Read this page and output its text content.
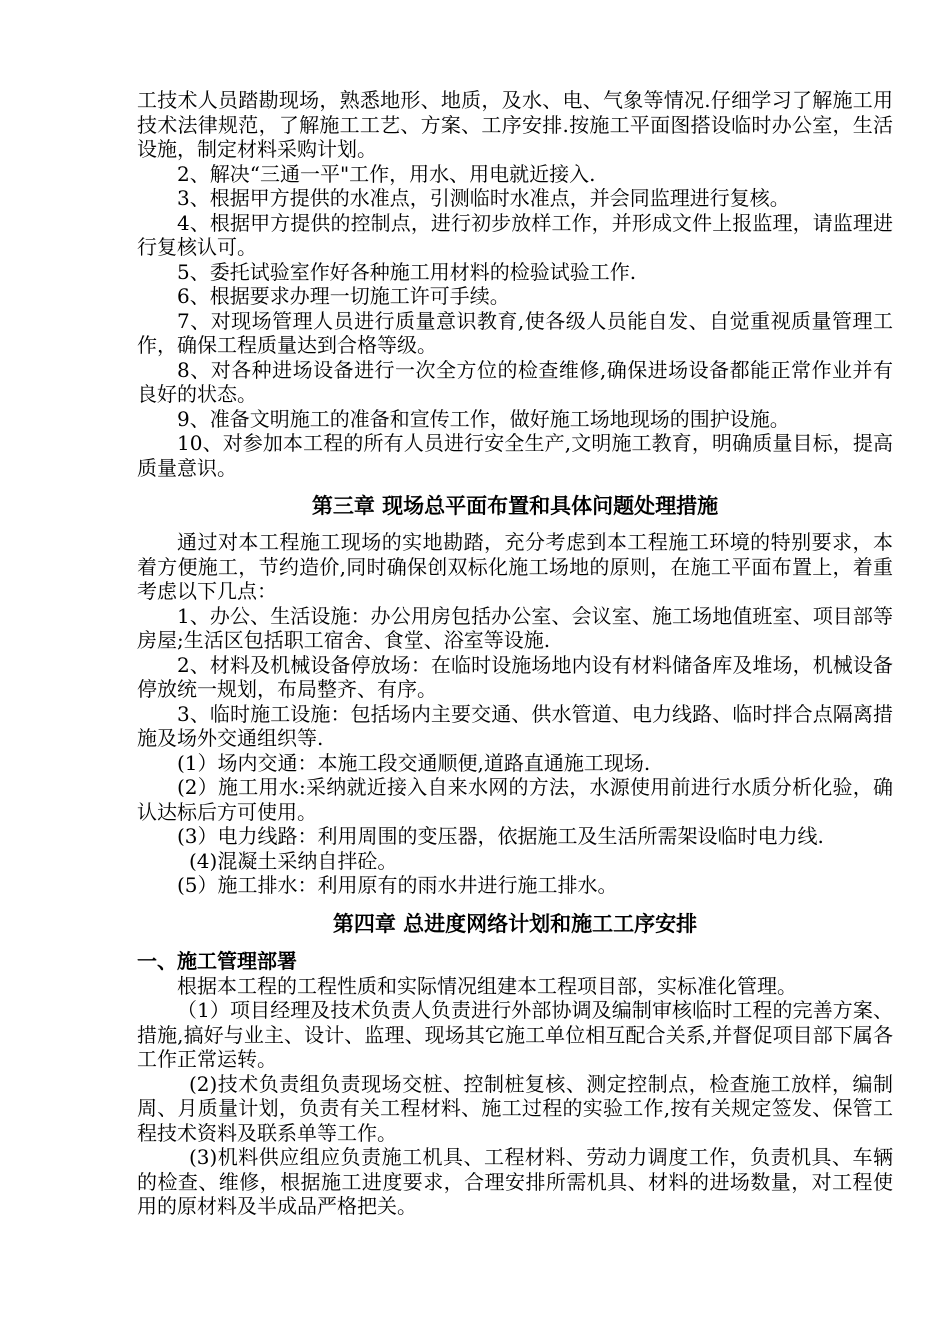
工技术人员踏勘现场，熟悉地形、地质，及水、电、气象等情况.仔细学习了解施工用技术法律规范，了解施工工艺、方案、工序安排.按施工平面图搭设临时办公室，生活设施，制定材料采购计划。

2、解决“三通一平"工作，用水、用电就近接入.

3、根据甲方提供的水准点，引测临时水准点，并会同监理进行复核。

4、根据甲方提供的控制点，进行初步放样工作，并形成文件上报监理，请监理进行复核认可。

5、委托试验室作好各种施工用材料的检验试验工作.

6、根据要求办理一切施工许可手续。

7、对现场管理人员进行质量意识教育,使各级人员能自发、自觉重视质量管理工作，确保工程质量达到合格等级。

8、对各种进场设备进行一次全方位的检查维修,确保进场设备都能正常作业并有良好的状态。

9、准备文明施工的准备和宣传工作，做好施工场地现场的围护设施。

10、对参加本工程的所有人员进行安全生产,文明施工教育，明确质量目标，提高质量意识。

第三章 现场总平面布置和具体问题处理措施

通过对本工程施工现场的实地勘踏，充分考虑到本工程施工环境的特别要求，本着方便施工，节约造价,同时确保创双标化施工场地的原则，在施工平面布置上，着重考虑以下几点：

1、办公、生活设施：办公用房包括办公室、会议室、施工场地值班室、项目部等房屋;生活区包括职工宿舍、食堂、浴室等设施.

2、材料及机械设备停放场：在临时设施场地内设有材料储备库及堆场，机械设备停放统一规划，布局整齐、有序。

3、临时施工设施：包括场内主要交通、供水管道、电力线路、临时拌合点隔离措施及场外交通组织等.

(1）场内交通：本施工段交通顺便,道路直通施工现场.

(2）施工用水:采纳就近接入自来水网的方法，水源使用前进行水质分析化验，确认达标后方可使用。

(3）电力线路：利用周围的变压器，依据施工及生活所需架设临时电力线.

(4)混凝土采纳自拌砼。

(5）施工排水：利用原有的雨水井进行施工排水。

第四章 总进度网络计划和施工工序安排
一、施工管理部署

根据本工程的工程性质和实际情况组建本工程项目部，实标准化管理。

（1）项目经理及技术负责人负责进行外部协调及编制审核临时工程的完善方案、措施,搞好与业主、设计、监理、现场其它施工单位相互配合关系,并督促项目部下属各工作正常运转。

(2)技术负责组负责现场交桩、控制桩复核、测定控制点，检查施工放样，编制周、月质量计划，负责有关工程材料、施工过程的实验工作,按有关规定签发、保管工程技术资料及联系单等工作。

(3)机料供应组应负责施工机具、工程材料、劳动力调度工作，负责机具、车辆的检查、维修，根据施工进度要求，合理安排所需机具、材料的进场数量，对工程使用的原材料及半成品严格把关。
